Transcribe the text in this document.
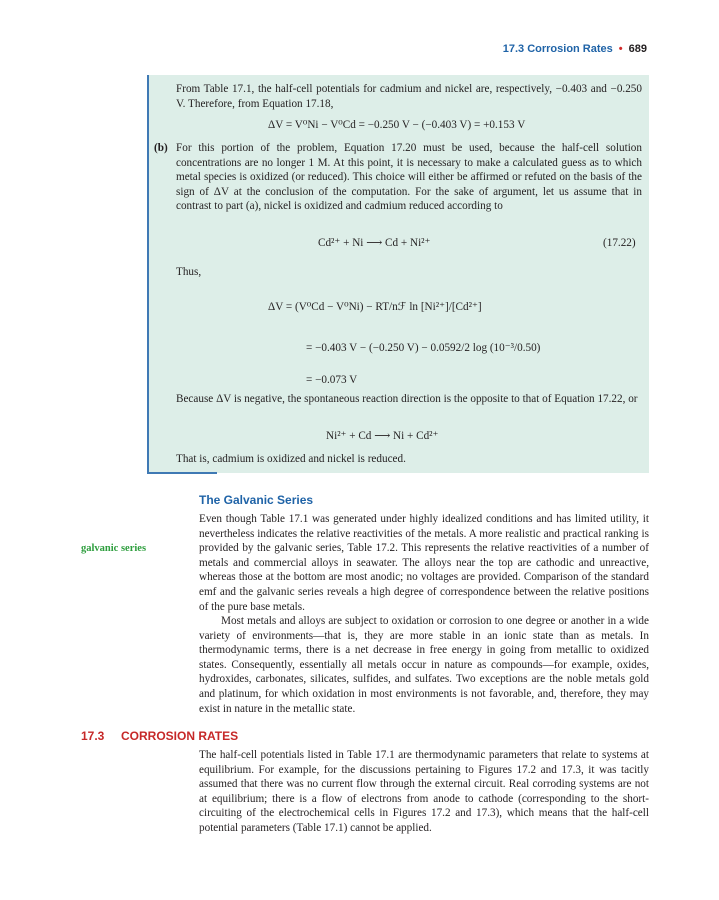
17.3 Corrosion Rates • 689
From Table 17.1, the half-cell potentials for cadmium and nickel are, respectively, −0.403 and −0.250 V. Therefore, from Equation 17.18,
ΔV = V⁰Ni − V⁰Cd = −0.250 V − (−0.403 V) = +0.153 V
(b) For this portion of the problem, Equation 17.20 must be used, because the half-cell solution concentrations are no longer 1 M. At this point, it is necessary to make a calculated guess as to which metal species is oxidized (or reduced). This choice will either be affirmed or refuted on the basis of the sign of ΔV at the conclusion of the computation. For the sake of argument, let us assume that in contrast to part (a), nickel is oxidized and cadmium reduced according to
Cd²⁺ + Ni ⟶ Cd + Ni²⁺	(17.22)
Thus,
ΔV = (V⁰Cd − V⁰Ni) − RT/nℱ ln [Ni²⁺]/[Cd²⁺]
= −0.403 V − (−0.250 V) − 0.0592/2 log (10⁻³/0.50)
= −0.073 V
Because ΔV is negative, the spontaneous reaction direction is the opposite to that of Equation 17.22, or
Ni²⁺ + Cd ⟶ Ni + Cd²⁺
That is, cadmium is oxidized and nickel is reduced.
The Galvanic Series
galvanic series
Even though Table 17.1 was generated under highly idealized conditions and has limited utility, it nevertheless indicates the relative reactivities of the metals. A more realistic and practical ranking is provided by the galvanic series, Table 17.2. This represents the relative reactivities of a number of metals and commercial alloys in seawater. The alloys near the top are cathodic and unreactive, whereas those at the bottom are most anodic; no voltages are provided. Comparison of the standard emf and the galvanic series reveals a high degree of correspondence between the relative positions of the pure base metals.
Most metals and alloys are subject to oxidation or corrosion to one degree or another in a wide variety of environments—that is, they are more stable in an ionic state than as metals. In thermodynamic terms, there is a net decrease in free energy in going from metallic to oxidized states. Consequently, essentially all metals occur in nature as compounds—for example, oxides, hydroxides, carbonates, silicates, sulfides, and sulfates. Two exceptions are the noble metals gold and platinum, for which oxidation in most environments is not favorable, and, therefore, they may exist in nature in the metallic state.
17.3 CORROSION RATES
The half-cell potentials listed in Table 17.1 are thermodynamic parameters that relate to systems at equilibrium. For example, for the discussions pertaining to Figures 17.2 and 17.3, it was tacitly assumed that there was no current flow through the external circuit. Real corroding systems are not at equilibrium; there is a flow of electrons from anode to cathode (corresponding to the short-circuiting of the electrochemical cells in Figures 17.2 and 17.3), which means that the half-cell potential parameters (Table 17.1) cannot be applied.
